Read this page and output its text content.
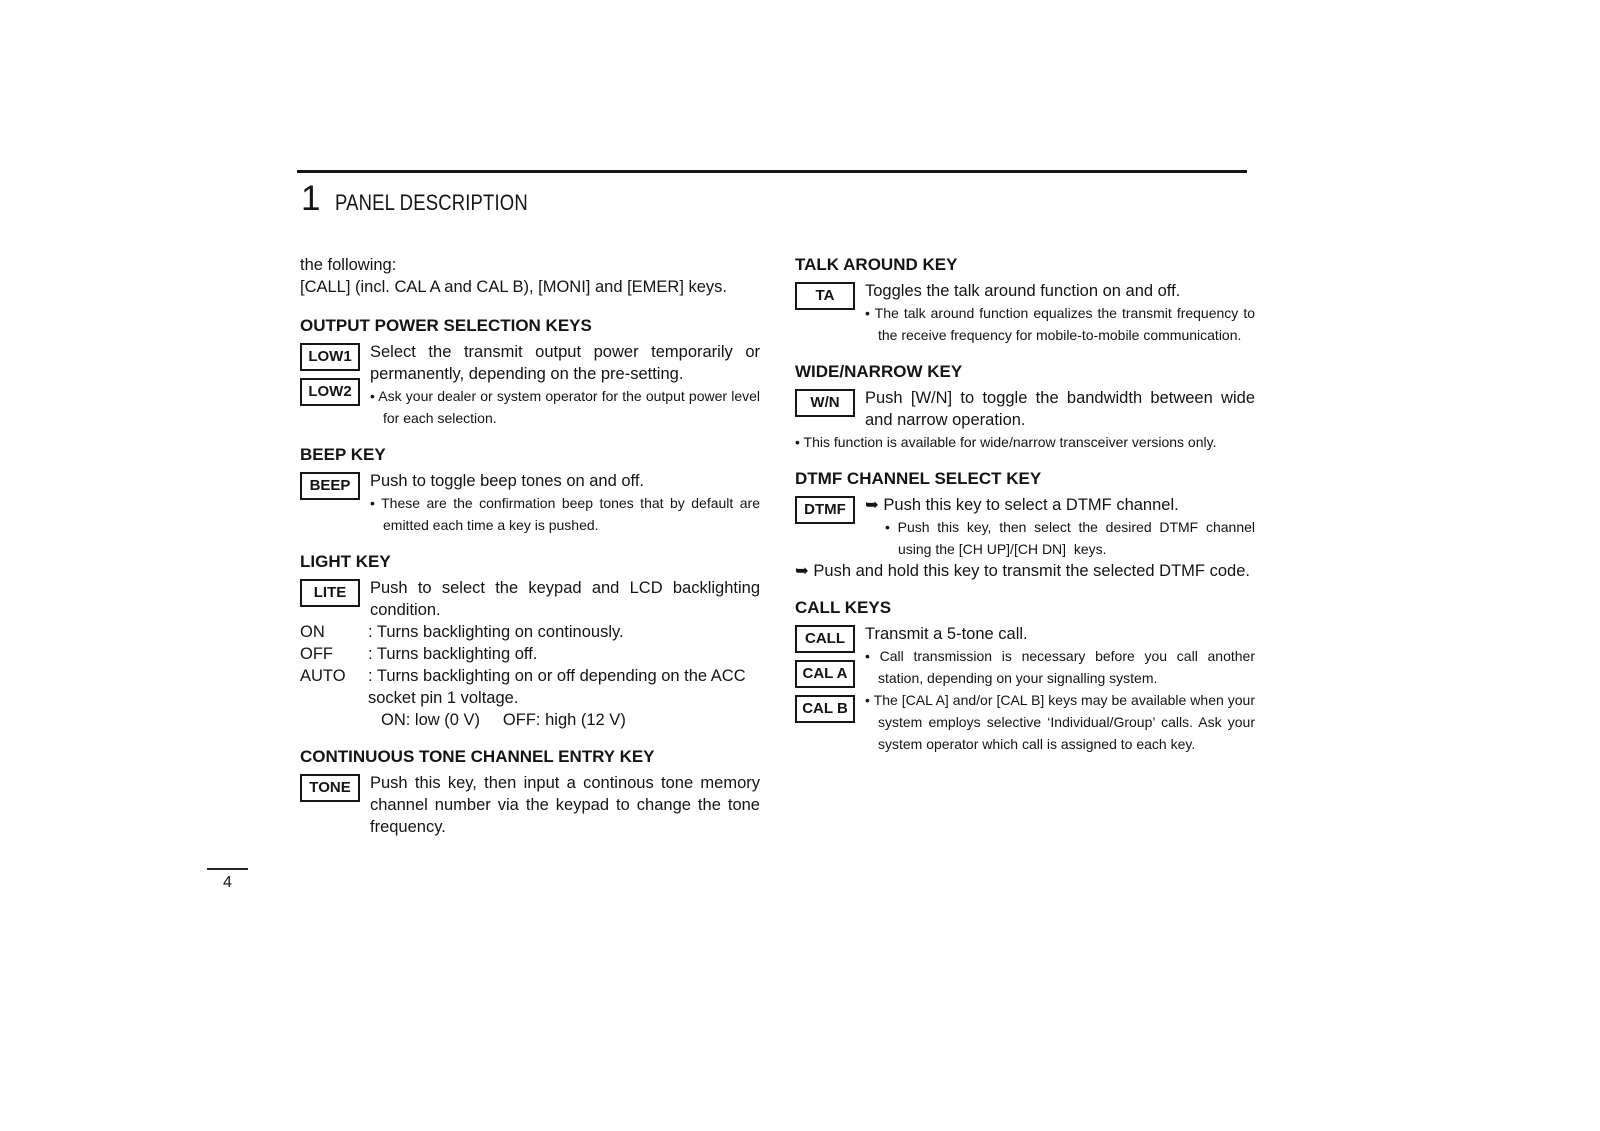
1 PANEL DESCRIPTION
the following:
[CALL] (incl. CAL A and CAL B), [MONI] and [EMER] keys.
OUTPUT POWER SELECTION KEYS
LOW1
LOW2
Select the transmit output power temporarily or permanently, depending on the pre-setting.
• Ask your dealer or system operator for the output power level for each selection.
BEEP KEY
BEEP	Push to toggle beep tones on and off.
• These are the confirmation beep tones that by default are emitted each time a key is pushed.
LIGHT KEY
LITE	Push to select the keypad and LCD backlighting condition.
ON	: Turns backlighting on continously.
OFF	: Turns backlighting off.
AUTO	: Turns backlighting on or off depending on the ACC socket pin 1 voltage.
ON: low (0 V)     OFF: high (12 V)
CONTINUOUS TONE CHANNEL ENTRY KEY
TONE	Push this key, then input a continous tone memory channel number via the keypad to change the tone frequency.
TALK AROUND KEY
TA	Toggles the talk around function on and off.
• The talk around function equalizes the transmit frequency to the receive frequency for mobile-to-mobile communication.
WIDE/NARROW KEY
W/N	Push [W/N] to toggle the bandwidth between wide and narrow operation.
• This function is available for wide/narrow transceiver versions only.
DTMF CHANNEL SELECT KEY
DTMF	➥ Push this key to select a DTMF channel.
• Push this key, then select the desired DTMF channel using the [CH UP]/[CH DN]  keys.
➥ Push and hold this key to transmit the selected DTMF code.
CALL KEYS
CALL
CAL A
CAL B
Transmit a 5-tone call.
• Call transmission is necessary before you call another station, depending on your signalling system.
• The [CAL A] and/or [CAL B] keys may be available when your system employs selective ‘Individual/Group’ calls. Ask your system operator which call is assigned to each key.
4
